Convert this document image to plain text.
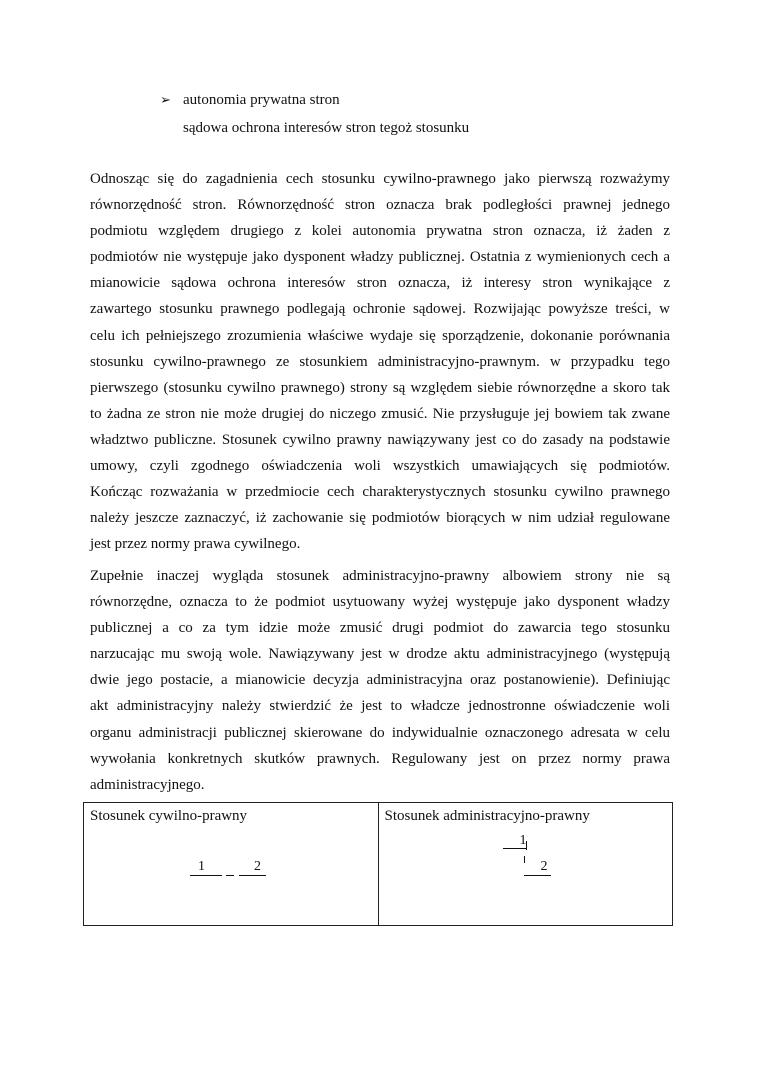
➢ autonomia prywatna stron
sądowa ochrona interesów stron tegoż stosunku
Odnosząc się do zagadnienia cech stosunku cywilno-prawnego jako pierwszą rozważymy
równorzędność stron. Równorzędność stron oznacza brak podległości prawnej jednego
podmiotu względem drugiego z kolei autonomia prywatna stron oznacza, iż żaden z
podmiotów nie występuje jako dysponent władzy publicznej. Ostatnia z wymienionych cech a
mianowicie sądowa ochrona interesów stron oznacza, iż interesy stron wynikające z
zawartego stosunku prawnego podlegają ochronie sądowej. Rozwijając powyższe treści, w
celu ich pełniejszego zrozumienia właściwe wydaje się sporządzenie, dokonanie porównania
stosunku cywilno-prawnego ze stosunkiem administracyjno-prawnym. w przypadku tego
pierwszego (stosunku cywilno prawnego) strony są względem siebie równorzędne a skoro tak
to żadna ze stron nie może drugiej do niczego zmusić. Nie przysługuje jej bowiem tak zwane
władztwo publiczne. Stosunek cywilno prawny nawiązywany jest co do zasady na podstawie
umowy, czyli zgodnego oświadczenia woli wszystkich umawiających się podmiotów.
Kończąc rozważania w przedmiocie cech charakterystycznych stosunku cywilno prawnego
należy jeszcze zaznaczyć, iż zachowanie się podmiotów biorących w nim udział regulowane
jest przez normy prawa cywilnego.
Zupełnie inaczej wygląda stosunek administracyjno-prawny albowiem strony nie są
równorzędne, oznacza to że podmiot usytuowany wyżej występuje jako dysponent władzy
publicznej a co za tym idzie może zmusić drugi podmiot do zawarcia tego stosunku
narzucając mu swoją wole. Nawiązywany jest w drodze aktu administracyjnego (występują
dwie jego postacie, a mianowicie decyzja administracyjna oraz postanowienie). Definiując
akt administracyjny należy stwierdzić że jest to władcze jednostronne oświadczenie woli
organu administracji publicznej skierowane do indywidualnie oznaczonego adresata w celu
wywołania konkretnych skutków prawnych. Regulowany jest on przez normy prawa
administracyjnego.
Stosunek cywilno-prawny
1	2

Stosunek administracyjno-prawny
1
2
